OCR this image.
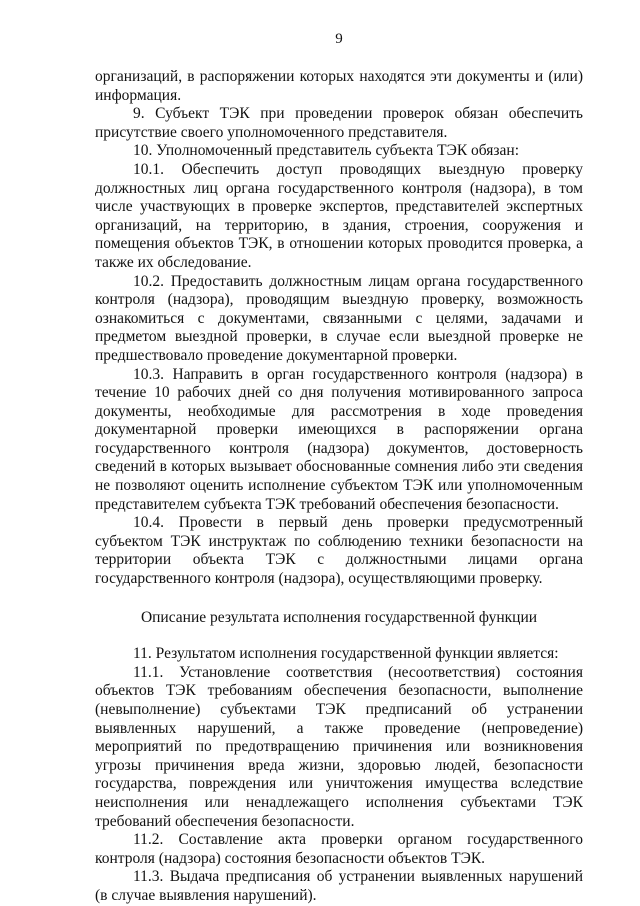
9

организаций, в распоряжении которых находятся эти документы и (или) информация.

9. Субъект ТЭК при проведении проверок обязан обеспечить присутствие своего уполномоченного представителя.

10. Уполномоченный представитель субъекта ТЭК обязан:

10.1. Обеспечить доступ проводящих выездную проверку должностных лиц органа государственного контроля (надзора), в том числе участвующих в проверке экспертов, представителей экспертных организаций, на территорию, в здания, строения, сооружения и помещения объектов ТЭК, в отношении которых проводится проверка, а также их обследование.

10.2. Предоставить должностным лицам органа государственного контроля (надзора), проводящим выездную проверку, возможность ознакомиться с документами, связанными с целями, задачами и предметом выездной проверки, в случае если выездной проверке не предшествовало проведение документарной проверки.

10.3. Направить в орган государственного контроля (надзора) в течение 10 рабочих дней со дня получения мотивированного запроса документы, необходимые для рассмотрения в ходе проведения документарной проверки имеющихся в распоряжении органа государственного контроля (надзора) документов, достоверность сведений в которых вызывает обоснованные сомнения либо эти сведения не позволяют оценить исполнение субъектом ТЭК или уполномоченным представителем субъекта ТЭК требований обеспечения безопасности.

10.4. Провести в первый день проверки предусмотренный субъектом ТЭК инструктаж по соблюдению техники безопасности на территории объекта ТЭК с должностными лицами органа государственного контроля (надзора), осуществляющими проверку.

Описание результата исполнения государственной функции

11. Результатом исполнения государственной функции является:

11.1. Установление соответствия (несоответствия) состояния объектов ТЭК требованиям обеспечения безопасности, выполнение (невыполнение) субъектами ТЭК предписаний об устранении выявленных нарушений, а также проведение (непроведение) мероприятий по предотвращению причинения или возникновения угрозы причинения вреда жизни, здоровью людей, безопасности государства, повреждения или уничтожения имущества вследствие неисполнения или ненадлежащего исполнения субъектами ТЭК требований обеспечения безопасности.

11.2. Составление акта проверки органом государственного контроля (надзора) состояния безопасности объектов ТЭК.

11.3. Выдача предписания об устранении выявленных нарушений (в случае выявления нарушений).
